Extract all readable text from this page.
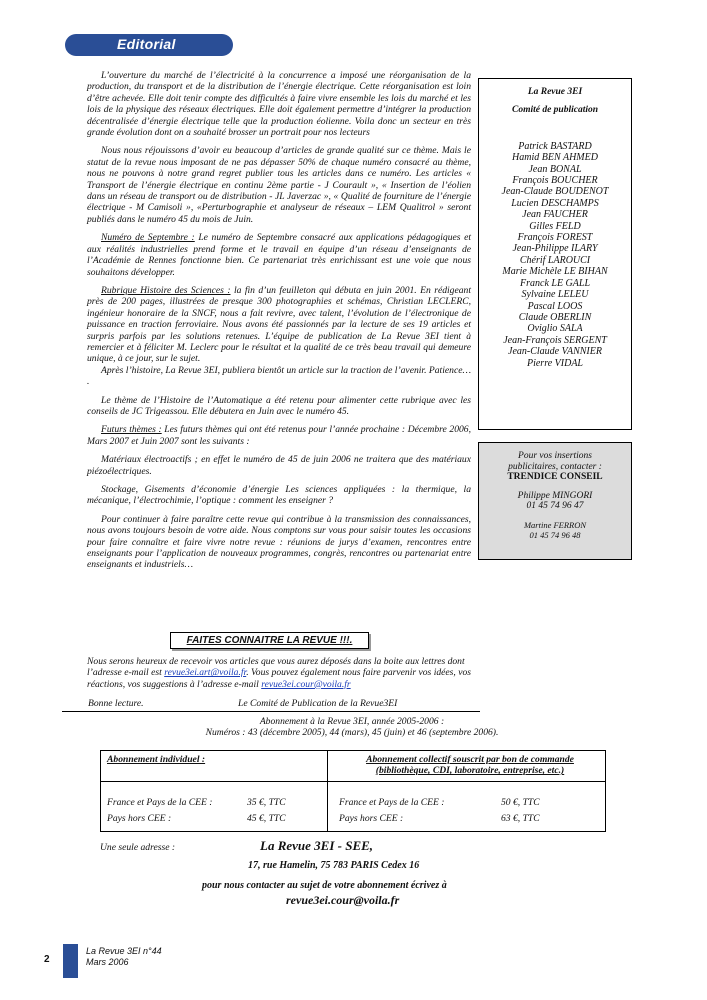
Editorial

L’ouverture du marché de l’électricité à la concurrence a imposé une réorganisation de la production, du transport et de la distribution de l’énergie électrique. Cette réorganisation est loin d’être achevée. Elle doit tenir compte des difficultés à faire vivre ensemble les lois du marché et les lois de la physique des réseaux électriques. Elle doit également permettre d’intégrer la production décentralisée d’énergie électrique telle que la production éolienne. Voila donc un secteur en très grande évolution dont on a souhaité brosser un portrait pour nos lecteurs

Nous nous réjouissons d’avoir eu beaucoup d’articles de grande qualité sur ce thème. Mais le statut de la revue nous imposant de ne pas dépasser 50% de chaque numéro consacré au thème, nous ne pouvons à notre grand regret publier tous les articles dans ce numéro. Les articles « Transport de l’énergie électrique en continu 2ème partie - J Courault », « Insertion de l’éolien dans un réseau de transport ou de distribution - JL Javerzac », « Qualité de fourniture de l’énergie électrique - M Camisoli », «Perturbographie et analyseur de réseaux – LEM Qualitrol » seront publiés dans le numéro 45 du mois de Juin.

Numéro de Septembre : Le numéro de Septembre consacré aux applications pédagogiques et aux réalités industrielles prend forme et le travail en équipe d’un réseau d’enseignants de l’Académie de Rennes fonctionne bien. Ce partenariat très enrichissant est une voie que nous souhaitons développer.

Rubrique Histoire des Sciences : la fin d’un feuilleton qui débuta en juin 2001. En rédigeant près de 200 pages, illustrées de presque 300 photographies et schémas, Christian LECLERC, ingénieur honoraire de la SNCF, nous a fait revivre, avec talent, l’évolution de l’électronique de puissance en traction ferroviaire. Nous avons été passionnés par la lecture de ses 19 articles et surpris parfois par les solutions retenues. L’équipe de publication de La Revue 3EI tient à remercier et à féliciter M. Leclerc pour le résultat et la qualité de ce très beau travail qui demeure unique, à ce jour, sur le sujet.

Après l’histoire, La Revue 3EI, publiera bientôt un article sur la traction de l’avenir. Patience… .

Le thème de l’Histoire de l’Automatique a été retenu pour alimenter cette rubrique avec les conseils de JC Trigeassou. Elle débutera en Juin avec le numéro 45.

Futurs thèmes : Les futurs thèmes qui ont été retenus pour l’année prochaine : Décembre 2006, Mars 2007 et Juin 2007 sont les suivants :

Matériaux électroactifs ; en effet le numéro de 45 de juin 2006 ne traitera que des matériaux piézoélectriques.

Stockage, Gisements d’économie d’énergie Les sciences appliquées : la thermique, la mécanique, l’électrochimie, l’optique : comment les enseigner ?

Pour continuer à faire paraître cette revue qui contribue à la transmission des connaissances, nous avons toujours besoin de votre aide. Nous comptons sur vous pour saisir toutes les occasions pour faire connaître et faire vivre notre revue : réunions de jurys d’examen, rencontres entre enseignants pour l’application de nouveaux programmes, congrès, rencontres ou partenariat entre enseignants et industriels…

FAITES CONNAITRE LA REVUE !!!.
Nous serons heureux de recevoir vos articles que vous aurez déposés dans la boite aux lettres dont l’adresse e-mail est revue3ei.art@voila.fr. Vous pouvez également nous faire parvenir vos idées, vos réactions, vos suggestions à l’adresse e-mail revue3ei.cour@voila.fr
Bonne lecture.	Le Comité de Publication de la Revue3EI
La Revue 3EI
Comité de publication
Patrick BASTARD
Hamid BEN AHMED
Jean BONAL
François BOUCHER
Jean-Claude BOUDENOT
Lucien DESCHAMPS
Jean FAUCHER
Gilles FELD
François FOREST
Jean-Philippe ILARY
Chérif LAROUCI
Marie Michèle LE BIHAN
Franck LE GALL
Sylvaine LELEU
Pascal LOOS
Claude OBERLIN
Oviglio SALA
Jean-François SERGENT
Jean-Claude VANNIER
Pierre VIDAL
Pour vos insertions
publicitaires, contacter :
TRENDICE CONSEIL
Philippe MINGORI
01 45 74 96 47
Martine FERRON
01 45 74 96 48
Abonnement à la Revue 3EI, année 2005-2006 :
Numéros : 43 (décembre 2005), 44 (mars), 45 (juin) et 46 (septembre 2006).
Abonnement individuel :	Abonnement collectif souscrit par bon de commande
(bibliothèque, CDI, laboratoire, entreprise, etc.)
France et Pays de la CEE :	35 €, TTC
Pays hors CEE :	45 €, TTC
France et Pays de la CEE :	50 €, TTC
Pays hors CEE :	63 €, TTC
Une seule adresse :	La Revue 3EI - SEE,
17, rue Hamelin, 75 783 PARIS Cedex 16
pour nous contacter au sujet de votre abonnement écrivez à
revue3ei.cour@voila.fr
2
La Revue 3EI n°44
Mars 2006
